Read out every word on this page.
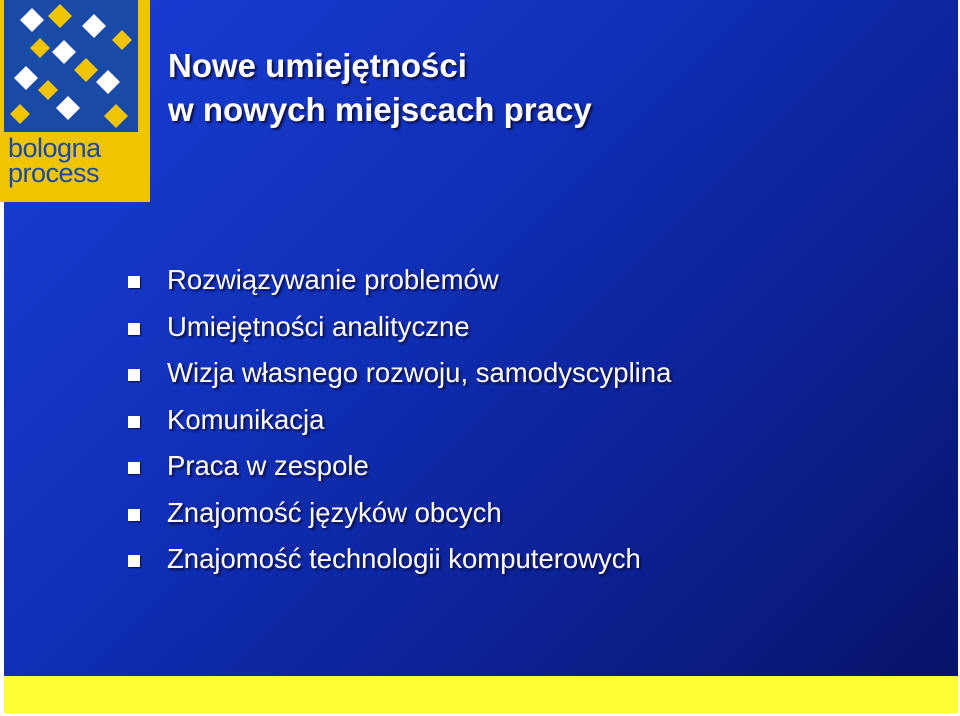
bologna
process
Nowe umiejętności
w nowych miejscach pracy
Rozwiązywanie problemów
Umiejętności analityczne
Wizja własnego rozwoju, samodyscyplina
Komunikacja
Praca w zespole
Znajomość języków obcych
Znajomość technologii komputerowych
